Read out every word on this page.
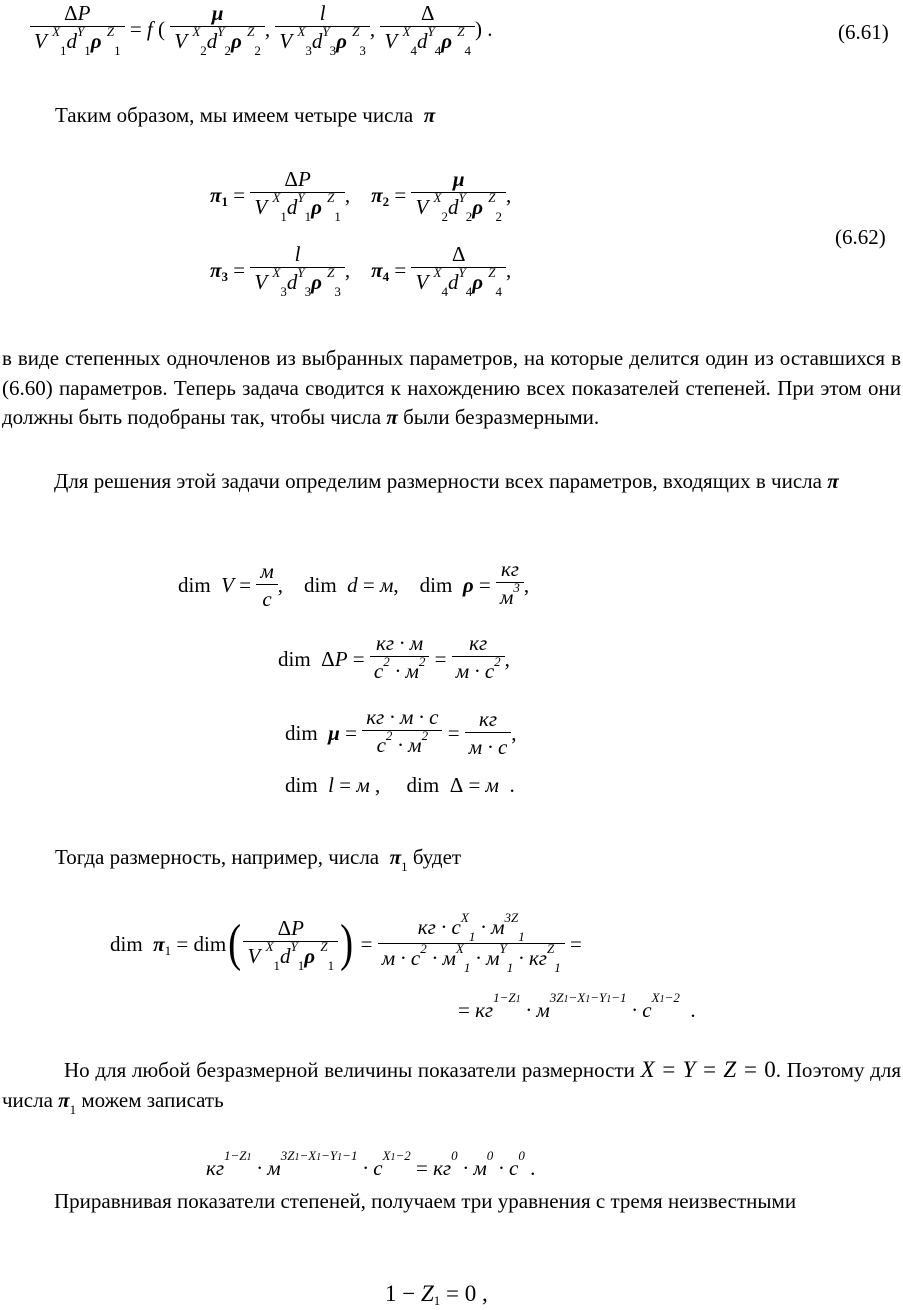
$\frac{\Delta P}{V ^X_1d^Y_1\rho ^Z_1} = f$ ( $\frac{\mu}{V ^X_2d^Y_2\rho ^Z_2}$ , $\frac{l}{V ^X_3d^Y_3\rho ^Z_3}$ , $\frac{\Delta}{V ^X_4d^Y_4\rho ^Z_4}$ ) .	(6.61)
Таким образом, мы имеем четыре числа  π
π $1 = \frac{\Delta P}{V ^X_1d^Y_1\rho ^Z_1}$ , π $2 = \frac{\mu}{V ^X_2d^Y_2\rho ^Z_2}$ ,
π $3 = \frac{l}{V ^X_3d^Y_3\rho ^Z_3}$ , π $4 = \frac{\Delta}{V ^X_4d^Y_4\rho ^Z_4}$ ,
(6.62)
в виде степенных одночленов из выбранных параметров, на которые делится один из оставшихся в (6.60) параметров. Теперь задача сводится к нахождению всех показателей степеней. При этом они должны быть подобраны так, чтобы числа π были безразмерными.
Для решения этой задачи определим размерности всех параметров, входящих в числа π
dim
$V = \frac{м}{с}$ , dim
d = м , dim
$\rho = \frac{кг}{м^3}$ ,
dim Δ $P = \frac{кг \cdot м}{с^2 \cdot м^2} = \frac{кг}{м \cdot с^2}$ ,
dim
$\mu = \frac{кг \cdot м \cdot с}{с^2 \cdot м^2} = \frac{кг}{м \cdot с}$ ,
dim
l = м , dim Δ = м .
Тогда размерность, например, числа  $\pi_1$ будет
dim
π 1 = dim ( $\frac{\Delta P}{V ^X_1d^Y_1\rho ^Z_1}$ ) = $\frac{кг \cdot с^X_1 \cdot м^{3Z}_1}{м \cdot с^2 \cdot м^X_1 \cdot м^Y_1 \cdot кг^Z_1}$ =
= кг 1−Z1 · м 3Z1−X1−Y1−1 · с X1−2
.
Но для любой безразмерной величины показатели размерности X = Y = Z = 0. Поэтому для числа $\pi_1$ можем записать
кг 1−Z1 · м 3Z1−X1−Y1−1 · с X1−2
= кг 0 · м 0 · с 0
.
Приравнивая показатели степеней, получаем три уравнения с тремя неизвестными
1 − Z 1 = 0 ,
